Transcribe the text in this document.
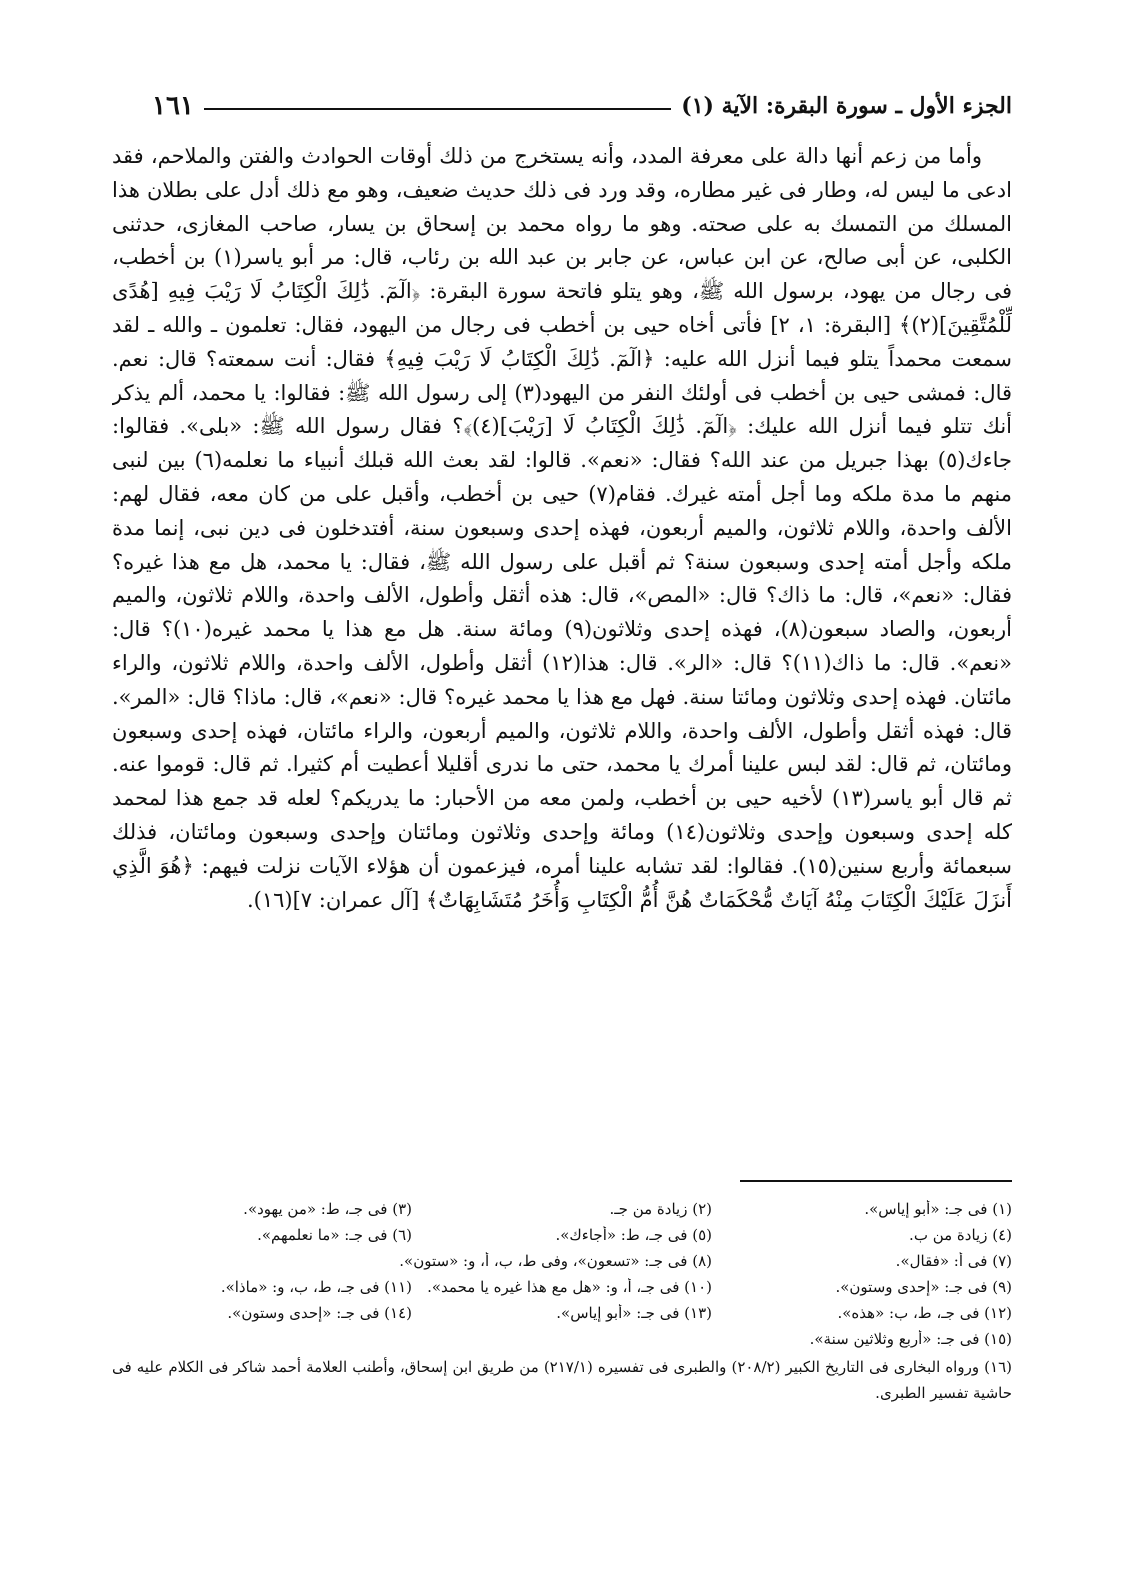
الجزء الأول ـ سورة البقرة: الآية (١)
١٦١
وأما من زعم أنها دالة على معرفة المدد، وأنه يستخرج من ذلك أوقات الحوادث والفتن والملاحم، فقد ادعى ما ليس له، وطار فى غير مطاره، وقد ورد فى ذلك حديث ضعيف، وهو مع ذلك أدل على بطلان هذا المسلك من التمسك به على صحته. وهو ما رواه محمد بن إسحاق بن يسار، صاحب المغازى، حدثنى الكلبى، عن أبى صالح، عن ابن عباس، عن جابر بن عبد الله بن رئاب، قال: مر أبو ياسر(١) بن أخطب، فى رجال من يهود، برسول الله ﷺ، وهو يتلو فاتحة سورة البقرة: ﴿الٓمٓ. ذَٰلِكَ الْكِتَابُ لَا رَيْبَ فِيهِ [هُدًى لِّلْمُتَّقِينَ](٢)﴾ [البقرة: ١، ٢] فأتى أخاه حيى بن أخطب فى رجال من اليهود، فقال: تعلمون ـ والله ـ لقد سمعت محمداً يتلو فيما أنزل الله عليه: ﴿الٓمٓ. ذَٰلِكَ الْكِتَابُ لَا رَيْبَ فِيهِ﴾ فقال: أنت سمعته؟ قال: نعم. قال: فمشى حيى بن أخطب فى أولئك النفر من اليهود(٣) إلى رسول الله ﷺ: فقالوا: يا محمد، ألم يذكر أنك تتلو فيما أنزل الله عليك: ﴿الٓمٓ. ذَٰلِكَ الْكِتَابُ لَا [رَيْبَ](٤)﴾؟ فقال رسول الله ﷺ: «بلى». فقالوا: جاءك(٥) بهذا جبريل من عند الله؟ فقال: «نعم». قالوا: لقد بعث الله قبلك أنبياء ما نعلمه(٦) بين لنبى منهم ما مدة ملكه وما أجل أمته غيرك. فقام(٧) حيى بن أخطب، وأقبل على من كان معه، فقال لهم: الألف واحدة، واللام ثلاثون، والميم أربعون، فهذه إحدى وسبعون سنة، أفتدخلون فى دين نبى، إنما مدة ملكه وأجل أمته إحدى وسبعون سنة؟ ثم أقبل على رسول الله ﷺ، فقال: يا محمد، هل مع هذا غيره؟ فقال: «نعم»، قال: ما ذاك؟ قال: «المص»، قال: هذه أثقل وأطول، الألف واحدة، واللام ثلاثون، والميم أربعون، والصاد سبعون(٨)، فهذه إحدى وثلاثون(٩) ومائة سنة. هل مع هذا يا محمد غيره(١٠)؟ قال: «نعم». قال: ما ذاك(١١)؟ قال: «الر». قال: هذا(١٢) أثقل وأطول، الألف واحدة، واللام ثلاثون، والراء مائتان. فهذه إحدى وثلاثون ومائتا سنة. فهل مع هذا يا محمد غيره؟ قال: «نعم»، قال: ماذا؟ قال: «المر». قال: فهذه أثقل وأطول، الألف واحدة، واللام ثلاثون، والميم أربعون، والراء مائتان، فهذه إحدى وسبعون ومائتان، ثم قال: لقد لبس علينا أمرك يا محمد، حتى ما ندرى أقليلا أعطيت أم كثيرا. ثم قال: قوموا عنه. ثم قال أبو ياسر(١٣) لأخيه حيى بن أخطب، ولمن معه من الأحبار: ما يدريكم؟ لعله قد جمع هذا لمحمد كله إحدى وسبعون وإحدى وثلاثون(١٤) ومائة وإحدى وثلاثون ومائتان وإحدى وسبعون ومائتان، فذلك سبعمائة وأربع سنين(١٥). فقالوا: لقد تشابه علينا أمره، فيزعمون أن هؤلاء الآيات نزلت فيهم: ﴿هُوَ الَّذِي أَنزَلَ عَلَيْكَ الْكِتَابَ مِنْهُ آيَاتٌ مُّحْكَمَاتٌ هُنَّ أُمُّ الْكِتَابِ وَأُخَرُ مُتَشَابِهَاتٌ﴾ [آل عمران: ٧](١٦).
(١) فى جـ: «أبو إياس».
(٢) زيادة من جـ.
(٣) فى جـ، ط: «من يهود».
(٤) زيادة من ب.
(٥) فى جـ، ط: «أجاءك».
(٦) فى جـ: «ما نعلمهم».
(٧) فى أ: «فقال».
(٨) فى جـ: «تسعون»، وفى ط، ب، أ، و: «ستون».
(٩) فى جـ: «إحدى وستون».
(١٠) فى جـ، أ، و: «هل مع هذا غيره يا محمد».
(١١) فى جـ، ط، ب، و: «ماذا».
(١٢) فى جـ، ط، ب: «هذه».
(١٣) فى جـ: «أبو إياس».
(١٤) فى جـ: «إحدى وستون».
(١٥) فى جـ: «أربع وثلاثين سنة».
(١٦) ورواه البخارى فى التاريخ الكبير (٢٠٨/٢) والطبرى فى تفسيره (٢١٧/١) من طريق ابن إسحاق، وأطنب العلامة أحمد شاكر فى الكلام عليه فى حاشية تفسير الطبرى.
